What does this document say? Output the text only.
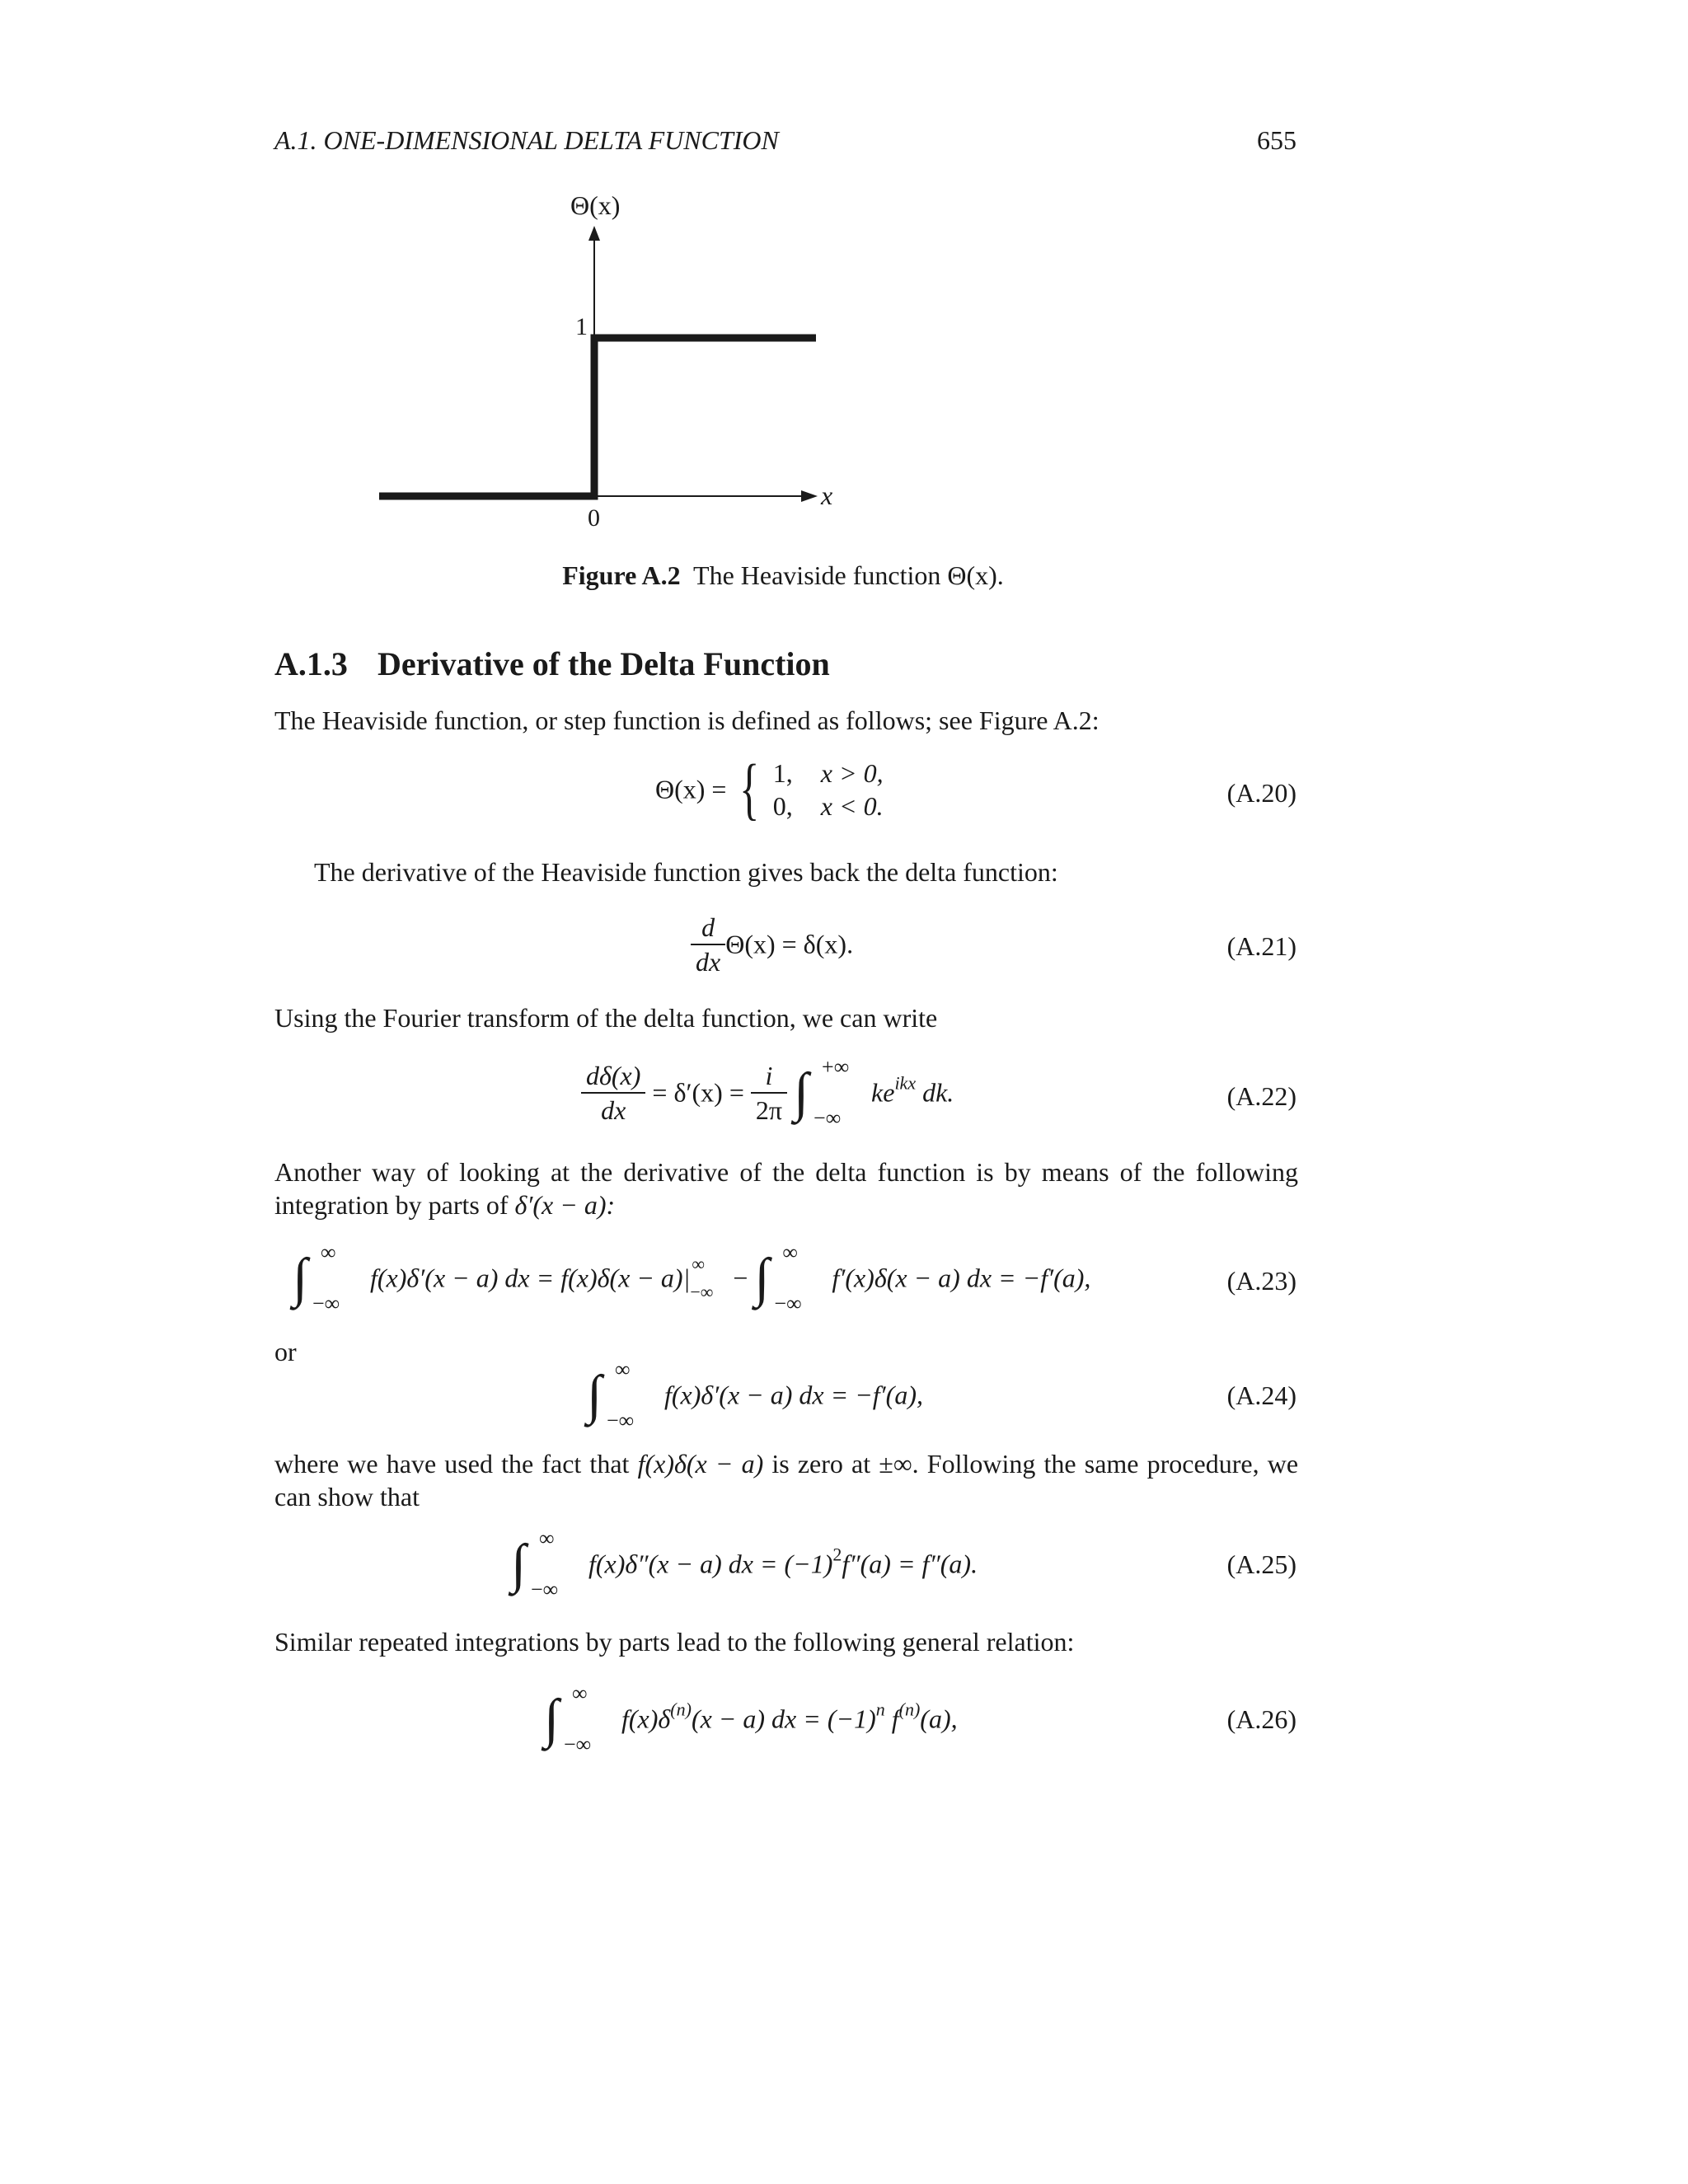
A.1. ONE-DIMENSIONAL DELTA FUNCTION	655
Θ(x)
x
1
0
Figure A.2 The Heaviside function Θ(x).
A.1.3 Derivative of the Delta Function
The Heaviside function, or step function is defined as follows; see Figure A.2:
Θ(x) = { 1, x > 0,
0, x < 0.	(A.20)
The derivative of the Heaviside function gives back the delta function:
$\frac{d}{dx} \Theta(x) = \delta(x)$.	(A.21)
Using the Fourier transform of the delta function, we can write
$\frac{d\delta(x)}{dx} = \delta'(x) = \frac{i}{2\pi}$ ∫ +∞
−∞
$ke^{ikx}$ dk.	(A.22)
Another way of looking at the derivative of the delta function is by means of the following integration by parts of δ′(x − a):
∫ ∞
−∞
f(x)δ′(x − a) dx = f(x)δ(x − a)| ∞
−∞ − ∫ ∞
−∞
f′(x)δ(x − a) dx = −f′(a),	(A.23)
or
∫ ∞
−∞
f(x)δ′(x − a) dx = −f′(a),	(A.24)
where we have used the fact that f(x)δ(x − a) is zero at ±∞. Following the same procedure, we can show that
∫ ∞
−∞
f(x)δ″(x − a) dx = $(-1)^2f''(a) = f''(a)$.	(A.25)
Similar repeated integrations by parts lead to the following general relation:
∫ ∞
−∞
$f(x)\delta^{(n)}(x - a)$ dx = $(-1)^n$ $f^{(n)}(a)$,	(A.26)
